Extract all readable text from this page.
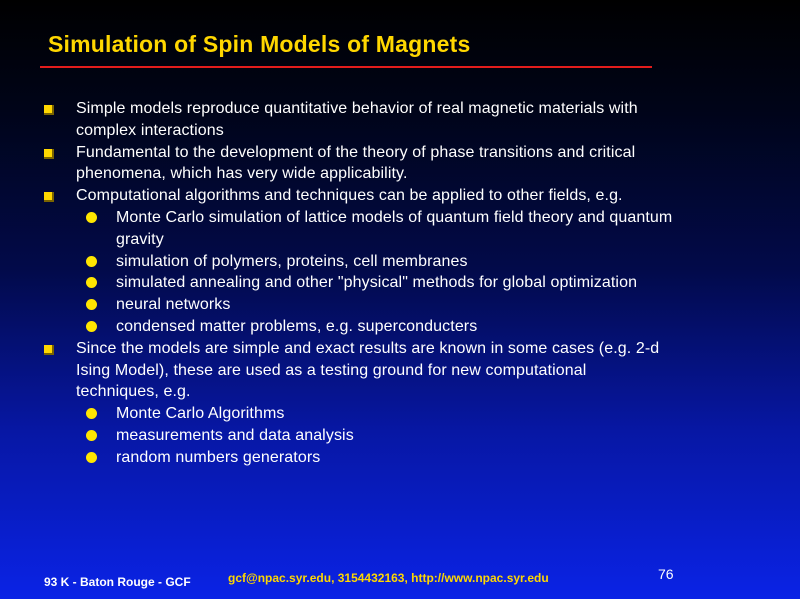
Simulation of Spin Models of Magnets
Simple models reproduce quantitative behavior of real magnetic materials with complex interactions
Fundamental to the development of the theory of phase transitions and critical phenomena, which has very wide applicability.
Computational algorithms and techniques can be applied to other fields, e.g.
Monte Carlo simulation of lattice models of quantum field theory and quantum gravity
simulation of polymers, proteins, cell membranes
simulated annealing and other "physical" methods for global optimization
neural networks
condensed matter problems, e.g. superconducters
Since the models are simple and exact results are known in some cases (e.g. 2-d Ising Model), these are used as a testing ground for new computational techniques, e.g.
Monte Carlo Algorithms
measurements and data analysis
random numbers generators
93 K - Baton Rouge - GCF	gcf@npac.syr.edu, 3154432163, http://www.npac.syr.edu	76
